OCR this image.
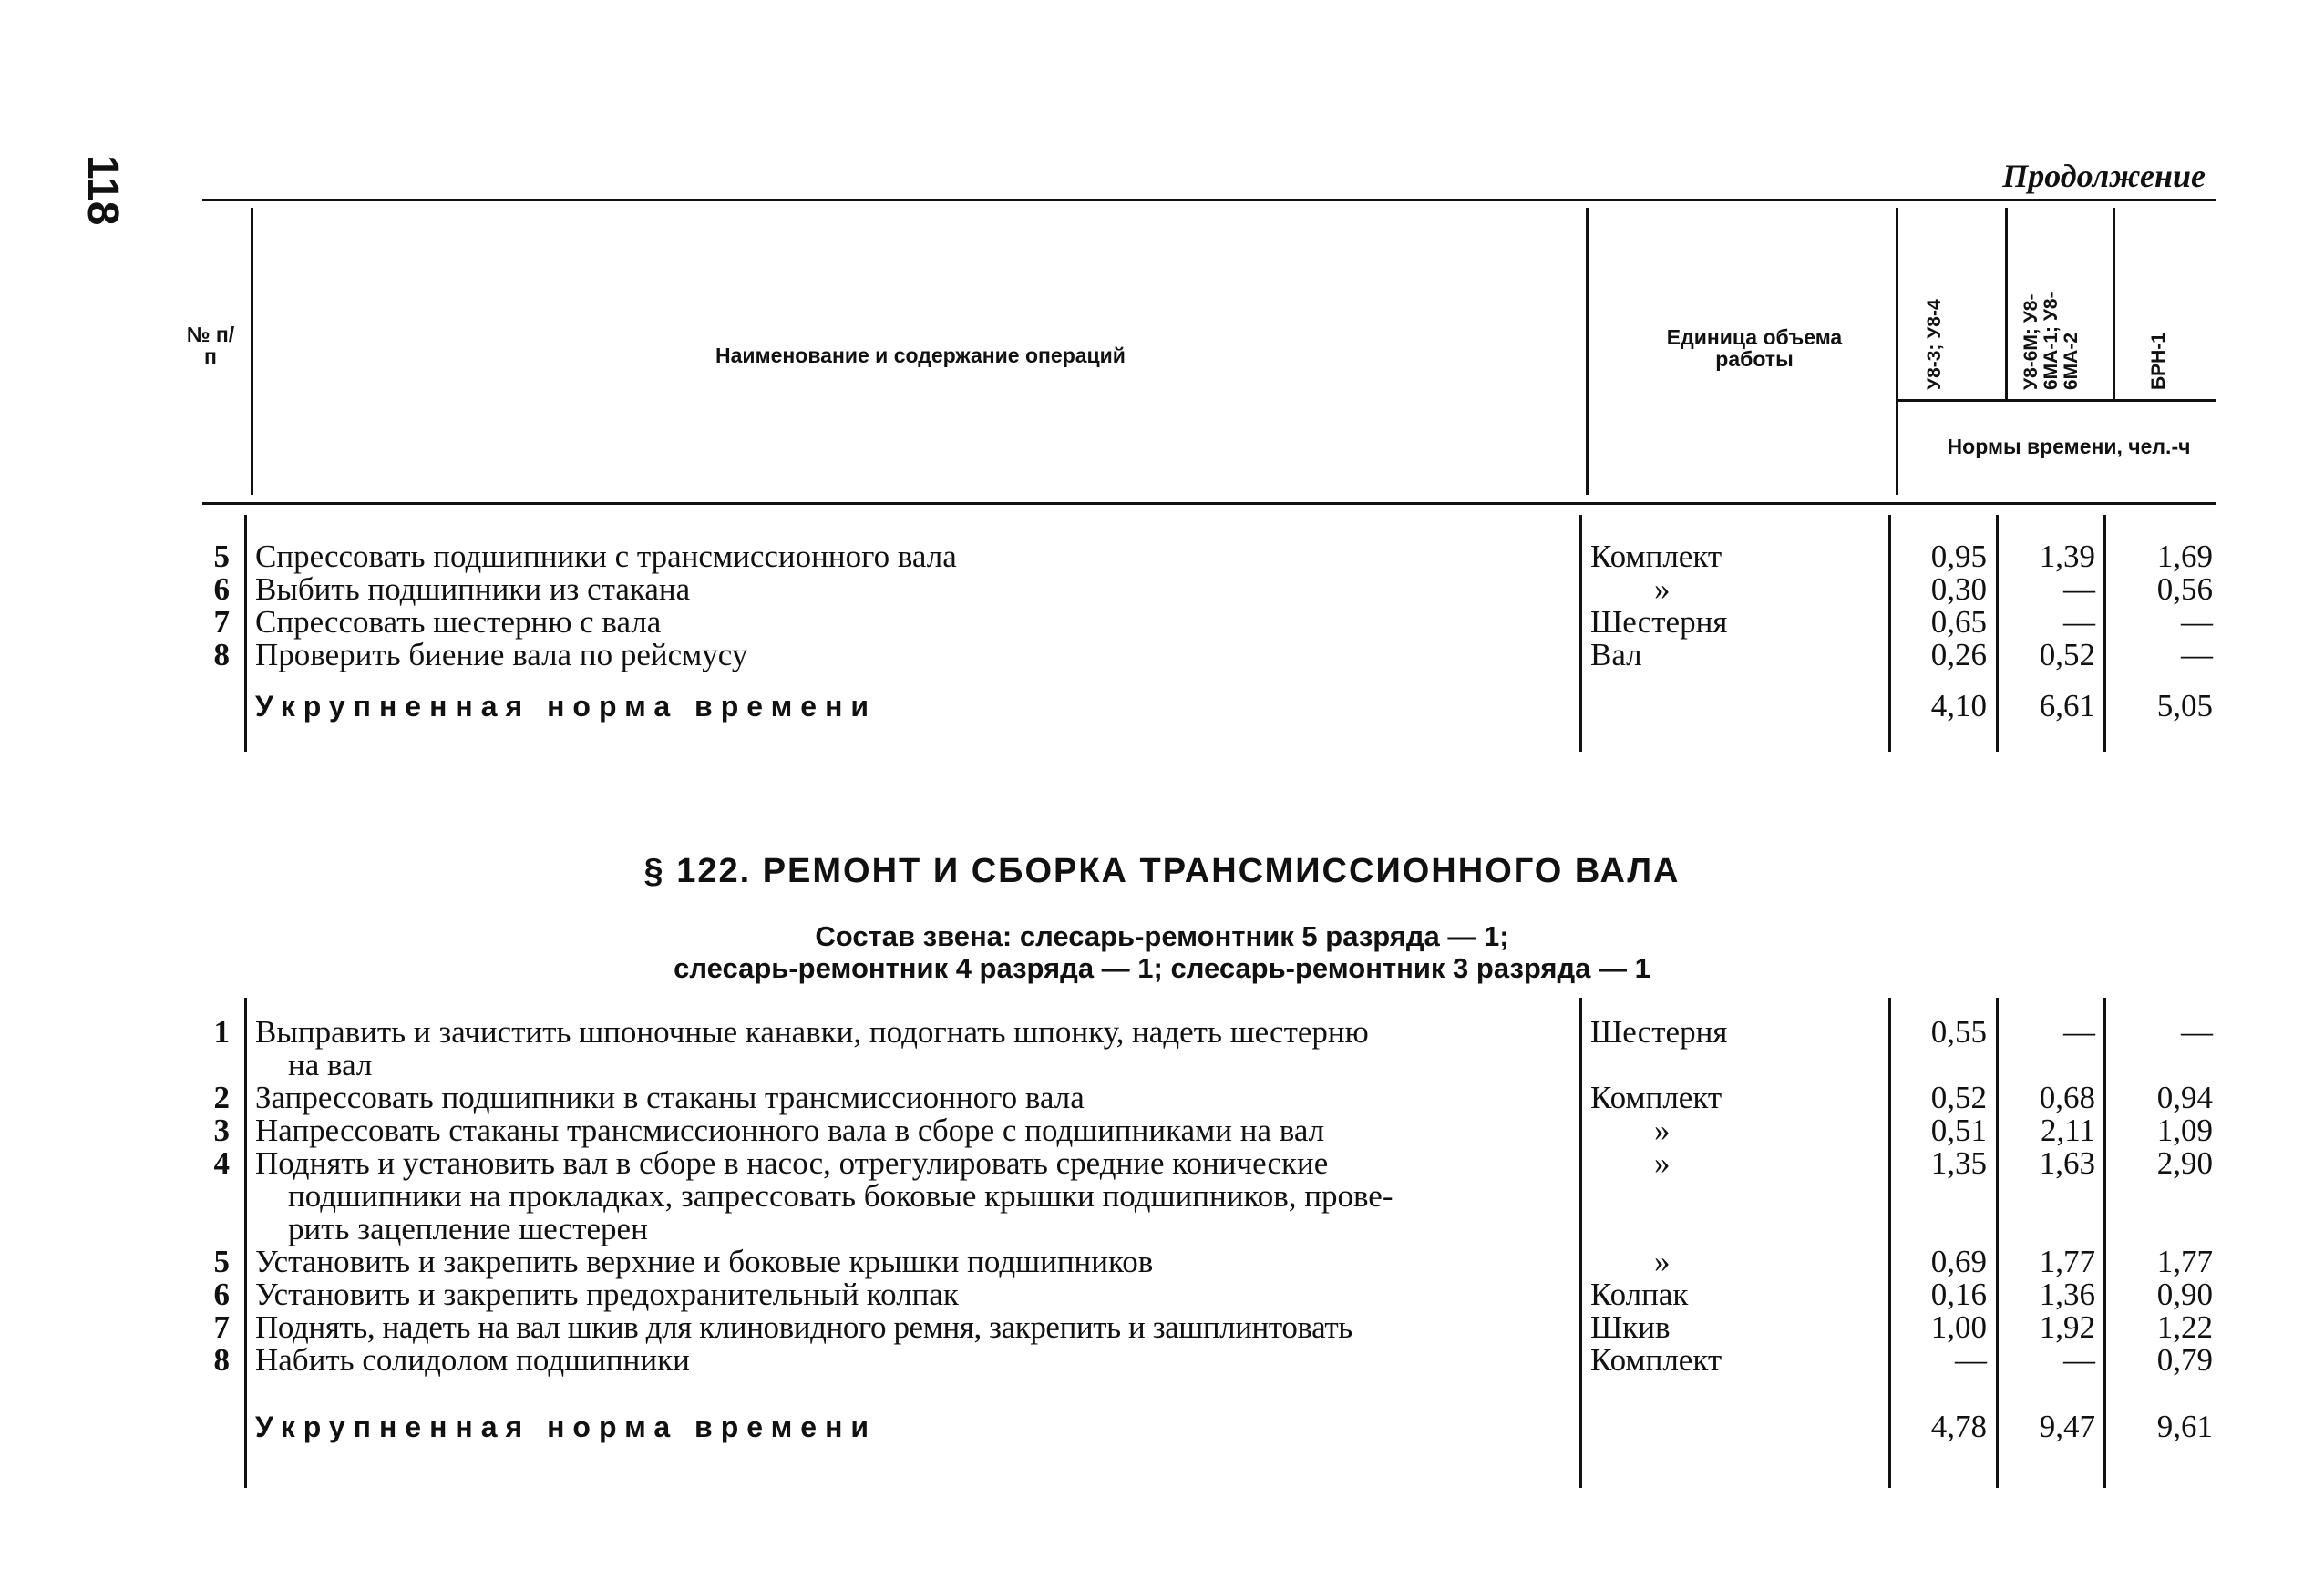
118	Продолжение
№ п/п	Наименование и содержание операций
Единица объема работы	У8-3; У8-4	У8-6М; У8-6МА-1; У8-6МА-2	БРН-1
Нормы времени, чел.-ч
5 Спрессовать подшипники с трансмиссионного вала	Комплект	0,95	1,39	1,69
6 Выбить подшипники из стакана	»	0,30	—	0,56
7 Спрессовать шестерню с вала	Шестерня	0,65	—	—
8 Проверить биение вала по рейсмусу	Вал	0,26	0,52	—
Укрупненная норма времени	4,10	6,61	5,05
§ 122. РЕМОНТ И СБОРКА ТРАНСМИССИОННОГО ВАЛА
Состав звена: слесарь-ремонтник 5 разряда — 1;
слесарь-ремонтник 4 разряда — 1; слесарь-ремонтник 3 разряда — 1
1 Выправить и зачистить шпоночные канавки, подогнать шпонку, надеть шестерню	Шестерня	0,55	—	—
на вал
2 Запрессовать подшипники в стаканы трансмиссионного вала	Комплект	0,52	0,68	0,94
3 Напрессовать стаканы трансмиссионного вала в сборе с подшипниками на вал	»	0,51	2,11	1,09
4 Поднять и установить вал в сборе в насос, отрегулировать средние конические	»	1,35	1,63	2,90
подшипники на прокладках, запрессовать боковые крышки подшипников, прове-
рить зацепление шестерен
5 Установить и закрепить верхние и боковые крышки подшипников	»	0,69	1,77	1,77
6 Установить и закрепить предохранительный колпак	Колпак	0,16	1,36	0,90
7 Поднять, надеть на вал шкив для клиновидного ремня, закрепить и зашплинтовать	Шкив	1,00	1,92	1,22
8 Набить солидолом подшипники	Комплект	—	—	0,79
Укрупненная норма времени	4,78	9,47	9,61
